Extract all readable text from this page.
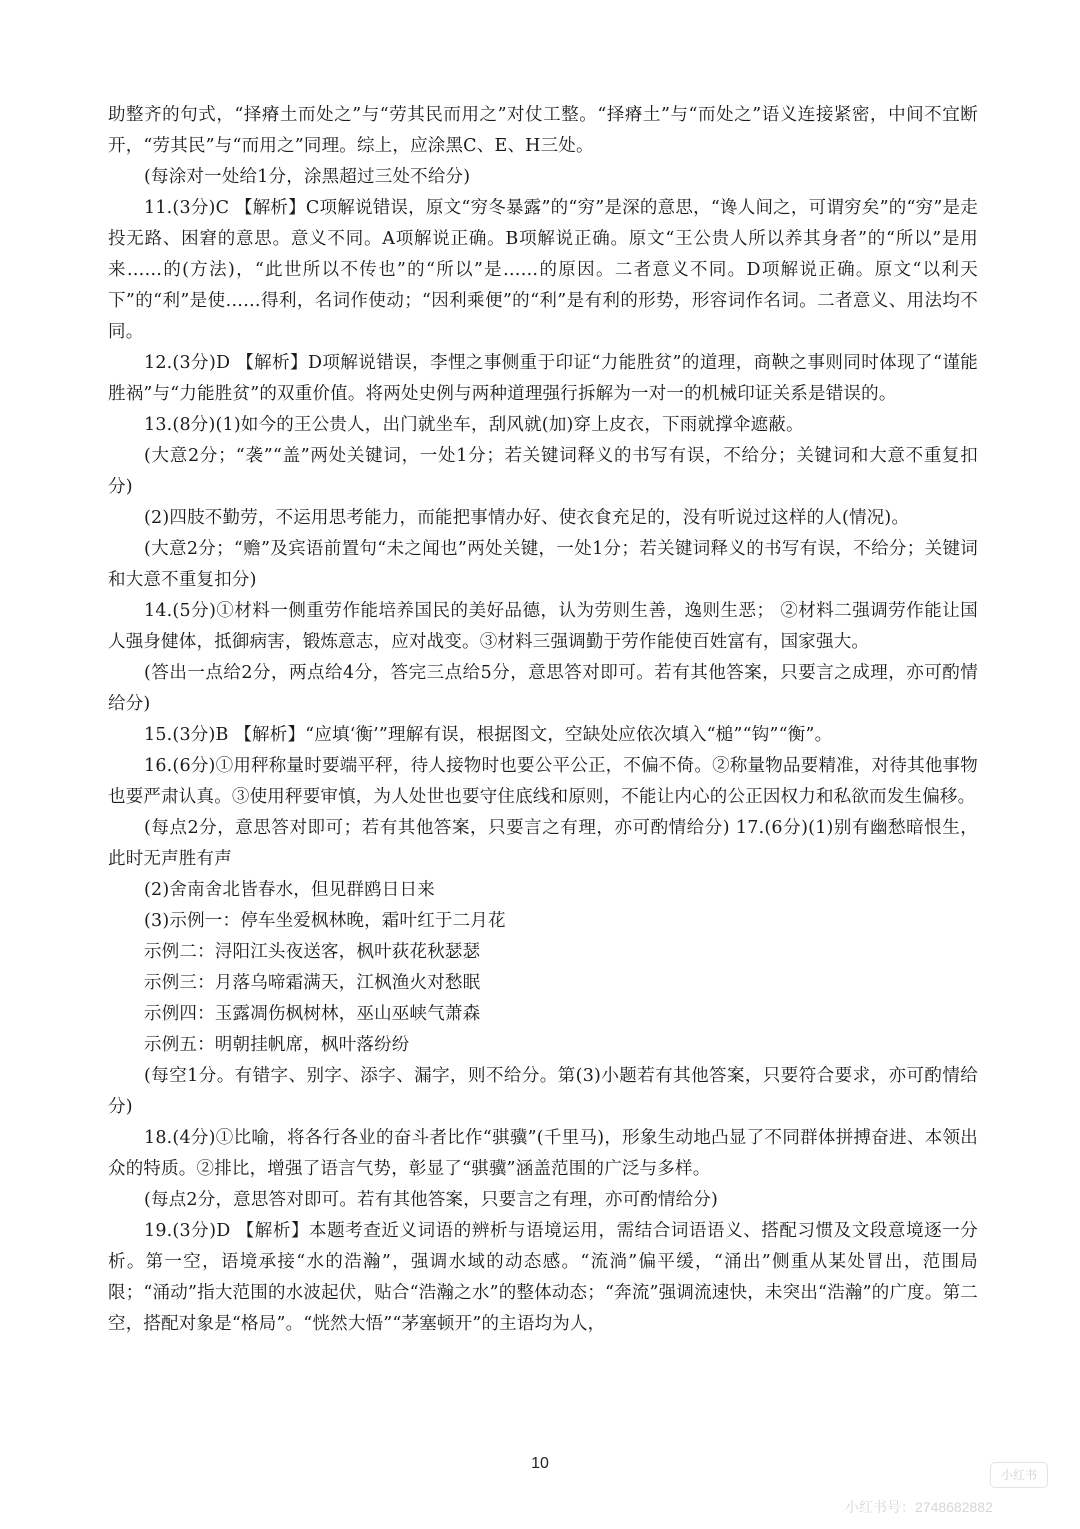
助整齐的句式，“择瘠土而处之”与“劳其民而用之”对仗工整。“择瘠土”与“而处之”语义连接紧密，中间不宜断开，“劳其民”与“而用之”同理。综上，应涂黑C、E、H三处。

(每涂对一处给1分，涂黑超过三处不给分)

11.(3分)C 【解析】C项解说错误，原文“穷冬暴露”的“穷”是深的意思，“谗人间之，可谓穷矣”的“穷”是走投无路、困窘的意思。意义不同。A项解说正确。B项解说正确。原文“王公贵人所以养其身者”的“所以”是用来……的(方法)，“此世所以不传也”的“所以”是……的原因。二者意义不同。D项解说正确。原文“以利天下”的“利”是使……得利，名词作使动；“因利乘便”的“利”是有利的形势，形容词作名词。二者意义、用法均不同。

12.(3分)D 【解析】D项解说错误，李悝之事侧重于印证“力能胜贫”的道理，商鞅之事则同时体现了“谨能胜祸”与“力能胜贫”的双重价值。将两处史例与两种道理强行拆解为一对一的机械印证关系是错误的。

13.(8分)(1)如今的王公贵人，出门就坐车，刮风就(加)穿上皮衣，下雨就撑伞遮蔽。

(大意2分；“袭”“盖”两处关键词，一处1分；若关键词释义的书写有误，不给分；关键词和大意不重复扣分)

(2)四肢不勤劳，不运用思考能力，而能把事情办好、使衣食充足的，没有听说过这样的人(情况)。

(大意2分；“赡”及宾语前置句“未之闻也”两处关键，一处1分；若关键词释义的书写有误，不给分；关键词和大意不重复扣分)

14.(5分)①材料一侧重劳作能培养国民的美好品德，认为劳则生善，逸则生恶； ②材料二强调劳作能让国人强身健体，抵御病害，锻炼意志，应对战变。③材料三强调勤于劳作能使百姓富有，国家强大。

(答出一点给2分，两点给4分，答完三点给5分，意思答对即可。若有其他答案，只要言之成理，亦可酌情给分)

15.(3分)B 【解析】“应填‘衡’”理解有误，根据图文，空缺处应依次填入“槌”“钩”“衡”。

16.(6分)①用秤称量时要端平秤，待人接物时也要公平公正，不偏不倚。②称量物品要精准，对待其他事物也要严肃认真。③使用秤要审慎，为人处世也要守住底线和原则，不能让内心的公正因权力和私欲而发生偏移。

(每点2分，意思答对即可；若有其他答案，只要言之有理，亦可酌情给分) 17.(6分)(1)别有幽愁暗恨生，此时无声胜有声

(2)舍南舍北皆春水，但见群鸥日日来

(3)示例一：停车坐爱枫林晚，霜叶红于二月花

示例二：浔阳江头夜送客，枫叶荻花秋瑟瑟

示例三：月落乌啼霜满天，江枫渔火对愁眠

示例四：玉露凋伤枫树林，巫山巫峡气萧森

示例五：明朝挂帆席，枫叶落纷纷

(每空1分。有错字、别字、添字、漏字，则不给分。第(3)小题若有其他答案，只要符合要求，亦可酌情给分)

18.(4分)①比喻，将各行各业的奋斗者比作“骐骥”(千里马)，形象生动地凸显了不同群体拼搏奋进、本领出众的特质。②排比，增强了语言气势，彰显了“骐骥”涵盖范围的广泛与多样。

(每点2分，意思答对即可。若有其他答案，只要言之有理，亦可酌情给分)

19.(3分)D 【解析】本题考查近义词语的辨析与语境运用，需结合词语语义、搭配习惯及文段意境逐一分析。第一空，语境承接“水的浩瀚”，强调水域的动态感。“流淌”偏平缓，“涌出”侧重从某处冒出，范围局限；“涌动”指大范围的水波起伏，贴合“浩瀚之水”的整体动态；“奔流”强调流速快，未突出“浩瀚”的广度。第二空，搭配对象是“格局”。“恍然大悟”“茅塞顿开”的主语均为人，

10
小红书
小红书号：2748682882
